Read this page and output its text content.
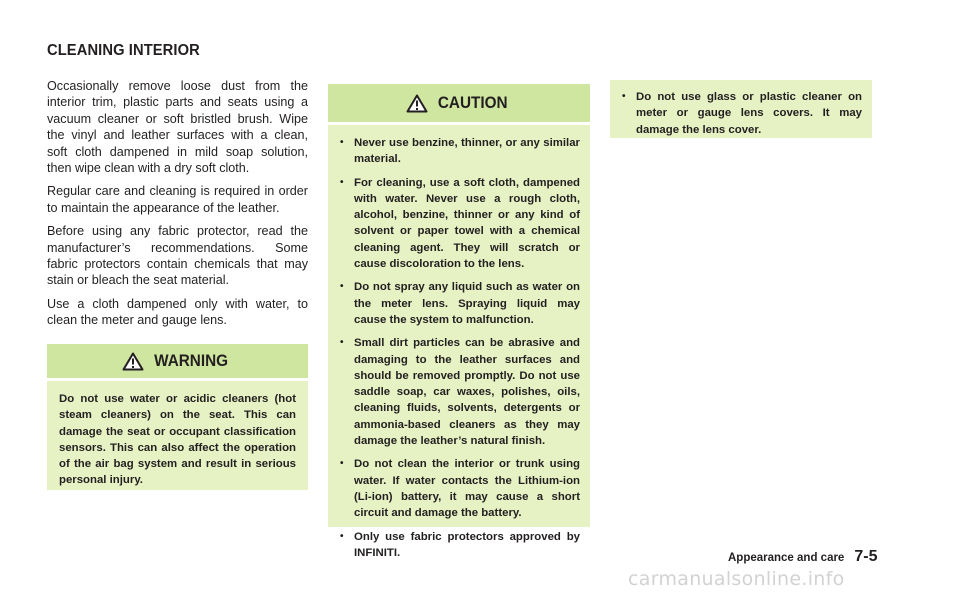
CLEANING INTERIOR

Occasionally remove loose dust from the interior trim, plastic parts and seats using a vacuum cleaner or soft bristled brush. Wipe the vinyl and leather surfaces with a clean, soft cloth dampened in mild soap solution, then wipe clean with a dry soft cloth.

Regular care and cleaning is required in order to maintain the appearance of the leather.

Before using any fabric protector, read the manufacturer’s recommendations. Some fabric protectors contain chemicals that may stain or bleach the seat material.

Use a cloth dampened only with water, to clean the meter and gauge lens.

WARNING
Do not use water or acidic cleaners (hot steam cleaners) on the seat. This can damage the seat or occupant classification sensors. This can also affect the operation of the air bag system and result in serious personal injury.
CAUTION
• Never use benzine, thinner, or any similar material.
• For cleaning, use a soft cloth, dampened with water. Never use a rough cloth, alcohol, benzine, thinner or any kind of solvent or paper towel with a chemical cleaning agent. They will scratch or cause discoloration to the lens.
• Do not spray any liquid such as water on the meter lens. Spraying liquid may cause the system to malfunction.
• Small dirt particles can be abrasive and damaging to the leather surfaces and should be removed promptly. Do not use saddle soap, car waxes, polishes, oils, cleaning fluids, solvents, detergents or ammonia-based cleaners as they may damage the leather’s natural finish.
• Do not clean the interior or trunk using water. If water contacts the Lithium-ion (Li-ion) battery, it may cause a short circuit and damage the battery.
• Only use fabric protectors approved by INFINITI.
• Do not use glass or plastic cleaner on meter or gauge lens covers. It may damage the lens cover.
Appearance and care 7-5
carmanualsonline.info
